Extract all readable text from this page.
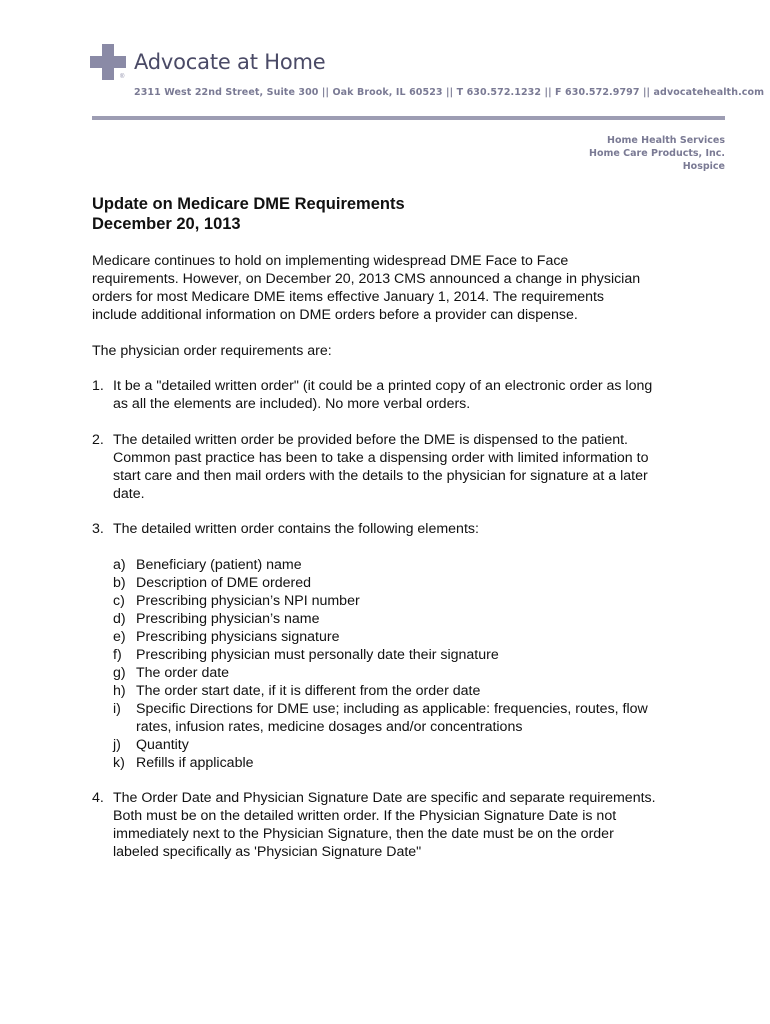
®
Advocate at Home
2311 West 22nd Street, Suite 300 || Oak Brook, IL 60523 || T 630.572.1232 || F 630.572.9797 || advocatehealth.com
Home Health Services
Home Care Products, Inc.
Hospice
Update on Medicare DME Requirements
December 20, 1013
Medicare continues to hold on implementing widespread DME Face to Face
requirements. However, on December 20, 2013 CMS announced a change in physician
orders for most Medicare DME items effective January 1, 2014. The requirements
include additional information on DME orders before a provider can dispense.
The physician order requirements are:
1. It be a "detailed written order" (it could be a printed copy of an electronic order as long
as all the elements are included). No more verbal orders.
2. The detailed written order be provided before the DME is dispensed to the patient.
Common past practice has been to take a dispensing order with limited information to
start care and then mail orders with the details to the physician for signature at a later
date.
3. The detailed written order contains the following elements:
a) Beneficiary (patient) name
b) Description of DME ordered
c) Prescribing physician’s NPI number
d) Prescribing physician’s name
e) Prescribing physicians signature
f) Prescribing physician must personally date their signature
g) The order date
h) The order start date, if it is different from the order date
i) Specific Directions for DME use; including as applicable: frequencies, routes, flow
rates, infusion rates, medicine dosages and/or concentrations
j) Quantity
k) Refills if applicable
4. The Order Date and Physician Signature Date are specific and separate requirements.
Both must be on the detailed written order. If the Physician Signature Date is not
immediately next to the Physician Signature, then the date must be on the order
labeled specifically as 'Physician Signature Date"
